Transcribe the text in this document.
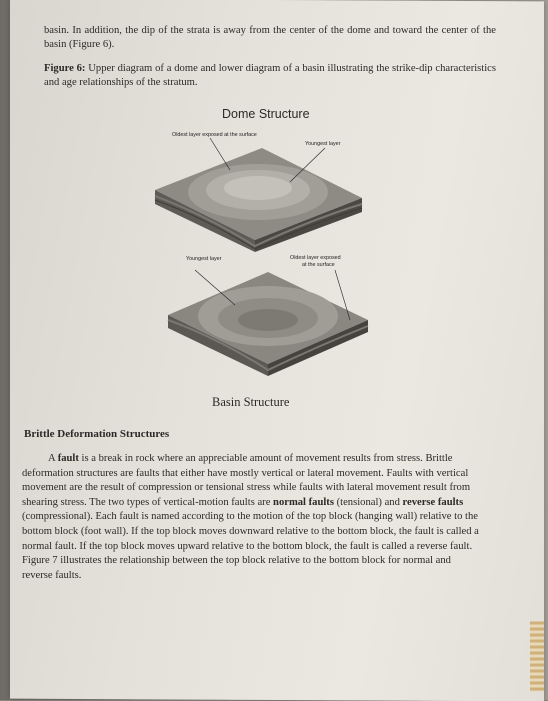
basin. In addition, the dip of the strata is away from the center of the dome and toward the center of the basin (Figure 6).
Figure 6: Upper diagram of a dome and lower diagram of a basin illustrating the strike-dip characteristics and age relationships of the stratum.
Dome Structure
Oldest layer exposed at the surface
Youngest layer
Youngest layer	Oldest layer exposed
at the surface
Basin Structure
Brittle Deformation Structures
A fault is a break in rock where an appreciable amount of movement results from stress. Brittle deformation structures are faults that either have mostly vertical or lateral movement. Faults with vertical movement are the result of compression or tensional stress while faults with lateral movement result from shearing stress. The two types of vertical-motion faults are normal faults (tensional) and reverse faults (compressional). Each fault is named according to the motion of the top block (hanging wall) relative to the bottom block (foot wall). If the top block moves downward relative to the bottom block, the fault is called a normal fault. If the top block moves upward relative to the bottom block, the fault is called a reverse fault. Figure 7 illustrates the relationship between the top block relative to the bottom block for normal and reverse faults.
